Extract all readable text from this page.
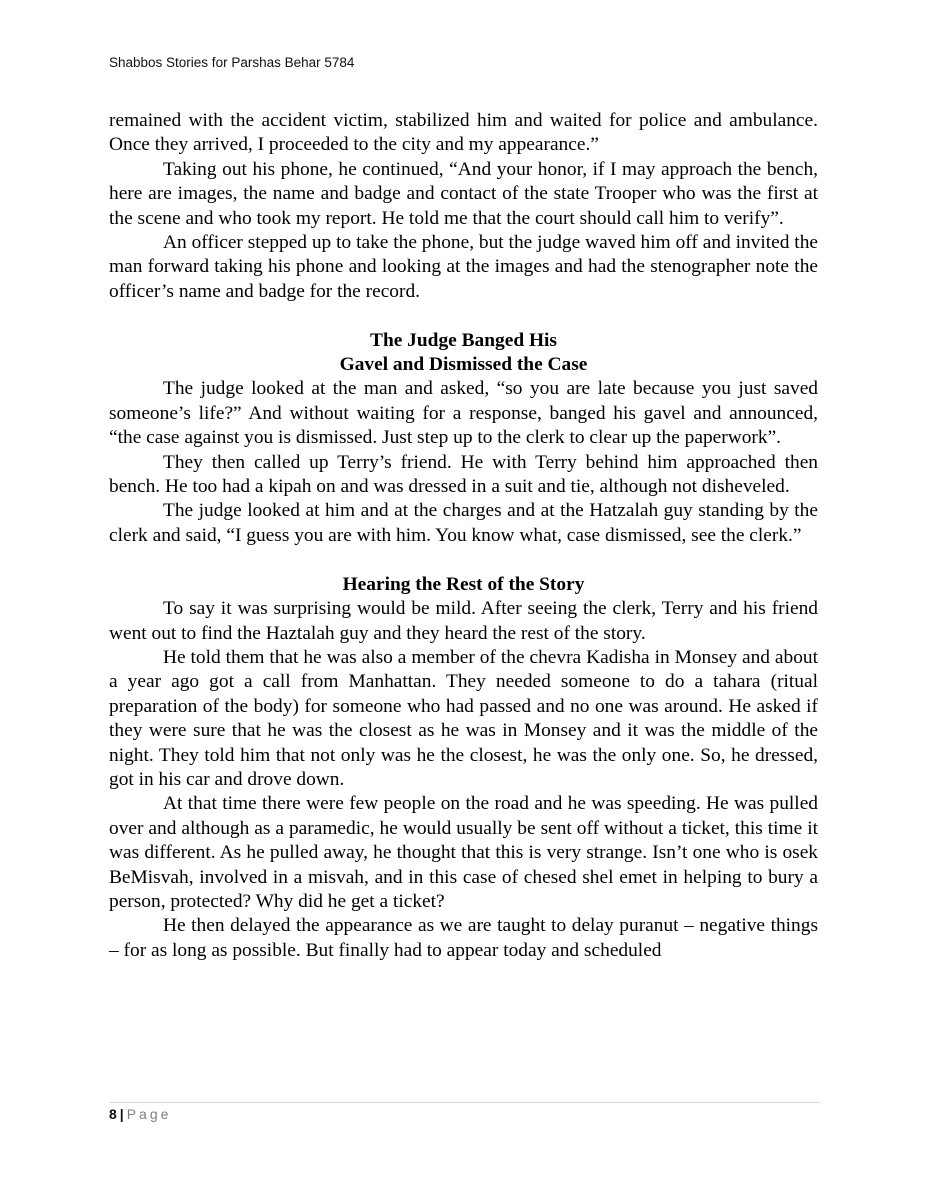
Shabbos Stories for Parshas Behar 5784

remained with the accident victim, stabilized him and waited for police and ambulance. Once they arrived, I proceeded to the city and my appearance.”

Taking out his phone, he continued, “And your honor, if I may approach the bench, here are images, the name and badge and contact of the state Trooper who was the first at the scene and who took my report. He told me that the court should call him to verify”.

An officer stepped up to take the phone, but the judge waved him off and invited the man forward taking his phone and looking at the images and had the stenographer note the officer’s name and badge for the record.

The Judge Banged His
Gavel and Dismissed the Case

The judge looked at the man and asked, “so you are late because you just saved someone’s life?” And without waiting for a response, banged his gavel and announced, “the case against you is dismissed. Just step up to the clerk to clear up the paperwork”.

They then called up Terry’s friend. He with Terry behind him approached then bench. He too had a kipah on and was dressed in a suit and tie, although not disheveled.

The judge looked at him and at the charges and at the Hatzalah guy standing by the clerk and said, “I guess you are with him. You know what, case dismissed, see the clerk.”

Hearing the Rest of the Story

To say it was surprising would be mild. After seeing the clerk, Terry and his friend went out to find the Haztalah guy and they heard the rest of the story.

He told them that he was also a member of the chevra Kadisha in Monsey and about a year ago got a call from Manhattan. They needed someone to do a tahara (ritual preparation of the body) for someone who had passed and no one was around. He asked if they were sure that he was the closest as he was in Monsey and it was the middle of the night. They told him that not only was he the closest, he was the only one. So, he dressed, got in his car and drove down.

At that time there were few people on the road and he was speeding. He was pulled over and although as a paramedic, he would usually be sent off without a ticket, this time it was different. As he pulled away, he thought that this is very strange. Isn’t one who is osek BeMisvah, involved in a misvah, and in this case of chesed shel emet in helping to bury a person, protected? Why did he get a ticket?

He then delayed the appearance as we are taught to delay puranut – negative things – for as long as possible. But finally had to appear today and scheduled

8 | Page
